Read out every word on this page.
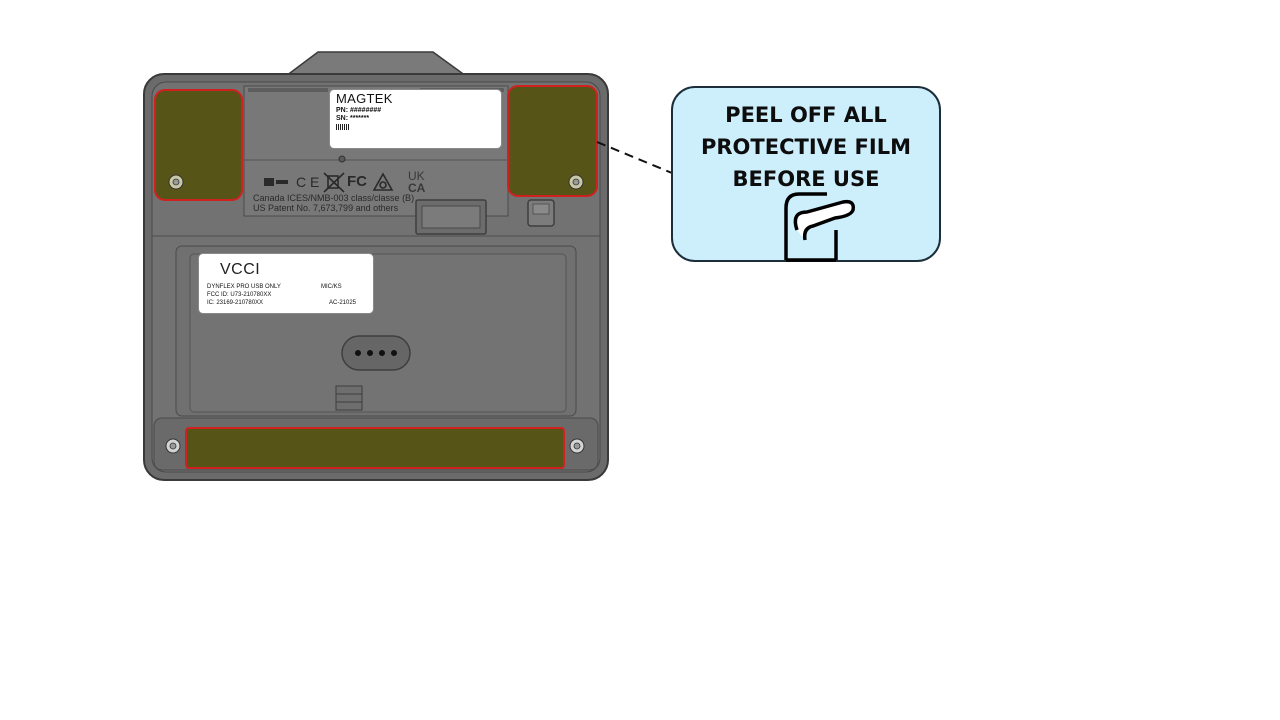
MAGTEK
PN: ########
SN: *******
C E FC	UK
CA
Canada ICES/NMB-003 class/classe (B)
US Patent No. 7,673,799 and others
VCCI
DYNFLEX PRO USB ONLY
FCC ID: U73-210780XX
IC: 23169-210780XX
MIC/KS
AC-21025
PEEL OFF ALL
PROTECTIVE FILM
BEFORE USE
